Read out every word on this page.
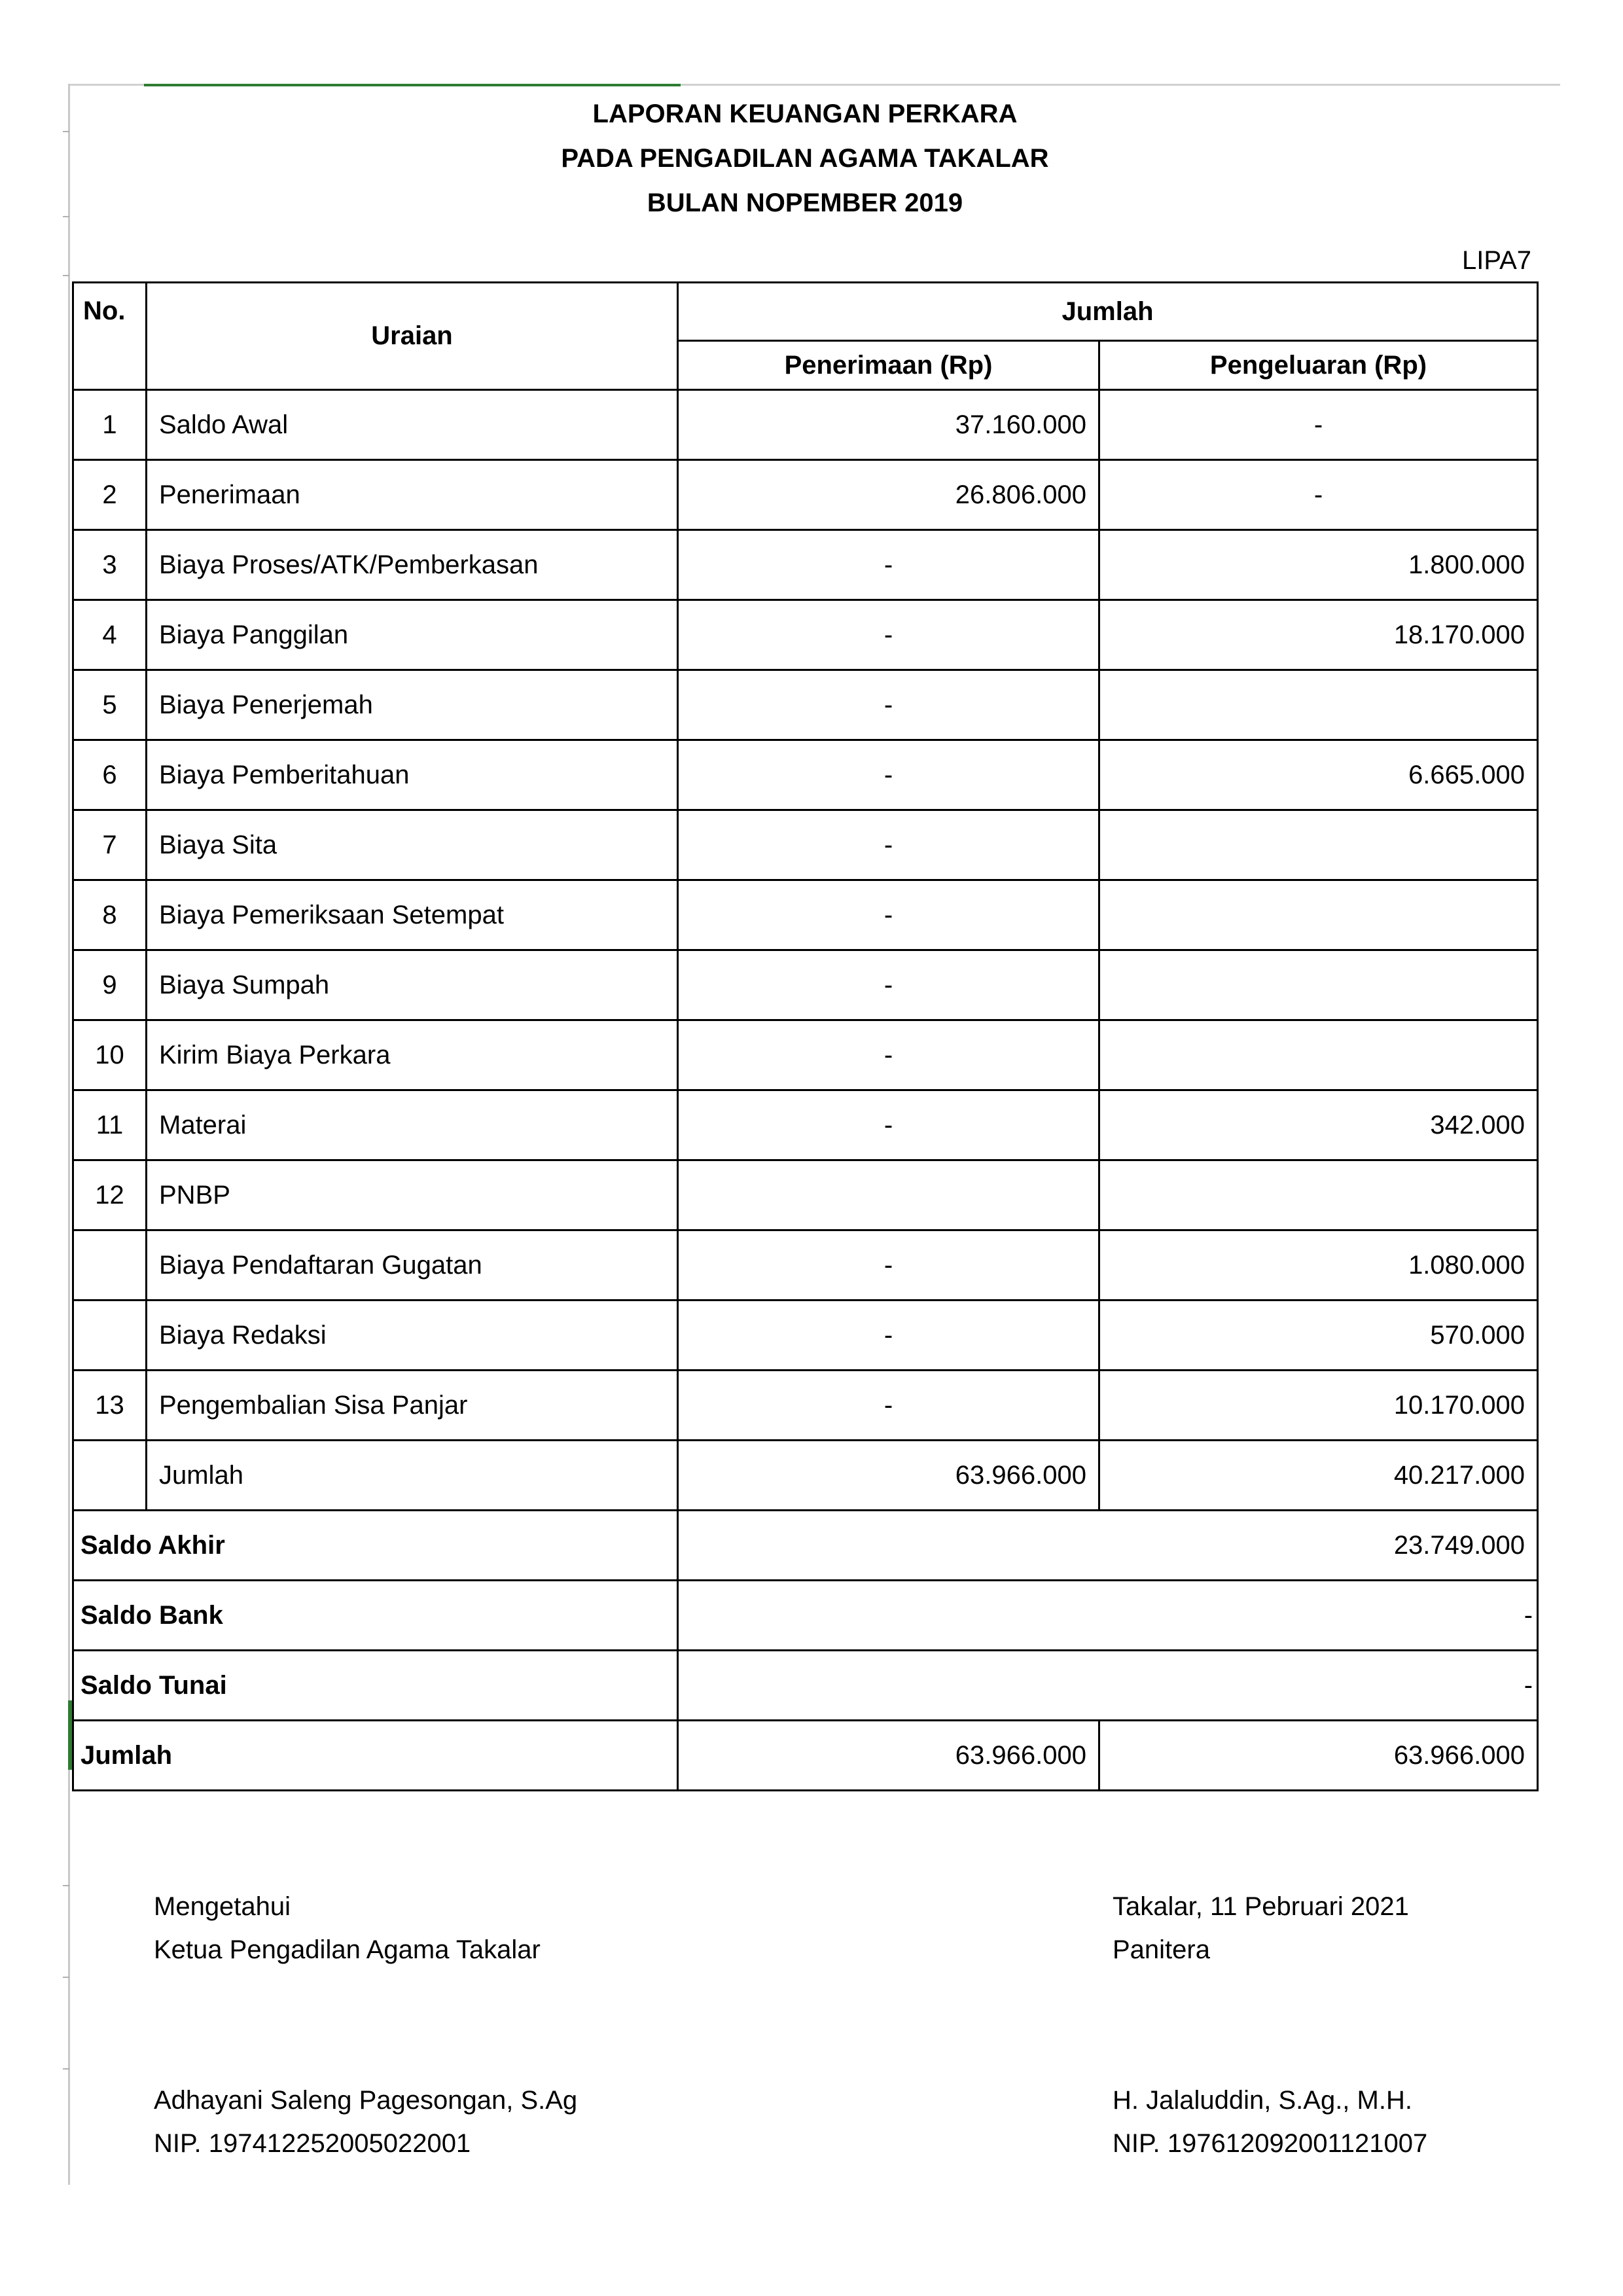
LAPORAN KEUANGAN PERKARA
PADA PENGADILAN AGAMA TAKALAR
BULAN NOPEMBER 2019
LIPA7
No.	Uraian	Jumlah	
		Penerimaan (Rp)	Pengeluaran (Rp)
1	Saldo Awal	37.160.000	-
2	Penerimaan	26.806.000	-
3	Biaya Proses/ATK/Pemberkasan	-	1.800.000
4	Biaya Panggilan	-	18.170.000
5	Biaya Penerjemah	-	
6	Biaya Pemberitahuan	-	6.665.000
7	Biaya Sita	-	
8	Biaya Pemeriksaan Setempat	-	
9	Biaya Sumpah	-	
10	Kirim Biaya Perkara	-	
11	Materai	-	342.000
12	PNBP		
	Biaya Pendaftaran Gugatan	-	1.080.000
	Biaya Redaksi	-	570.000
13	Pengembalian Sisa Panjar	-	10.170.000
	Jumlah	63.966.000	40.217.000
Saldo Akhir		23.749.000	
Saldo Bank		-	
Saldo Tunai		-	
Jumlah		63.966.000	63.966.000
Mengetahui
Ketua Pengadilan Agama Takalar
Adhayani Saleng Pagesongan, S.Ag
NIP. 197412252005022001
Takalar, 11 Pebruari 2021
Panitera
H. Jalaluddin, S.Ag., M.H.
NIP. 197612092001121007
